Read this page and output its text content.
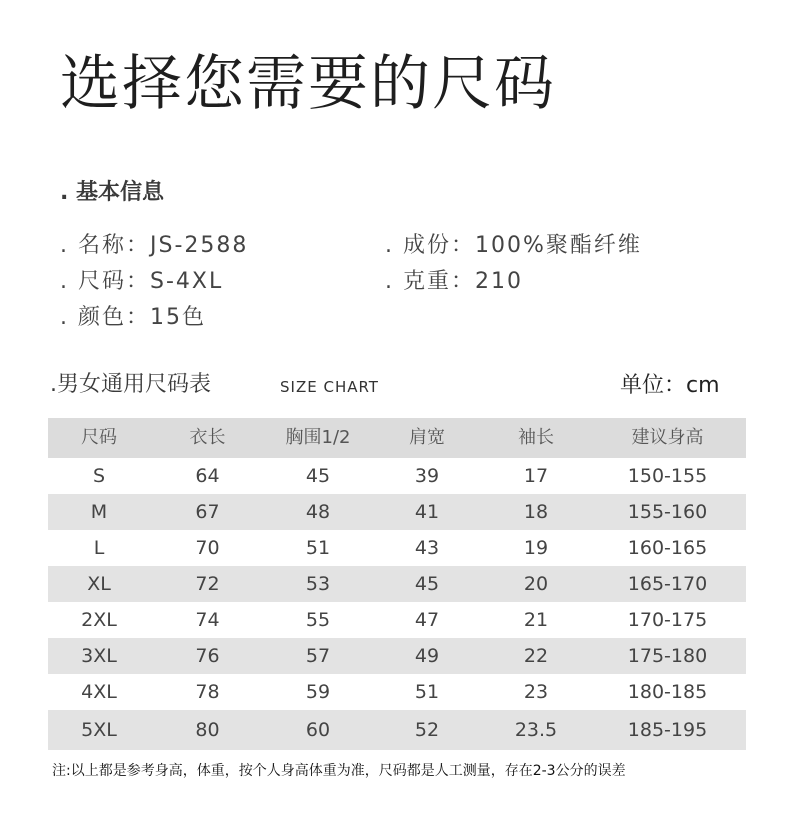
选择您需要的尺码
. 基本信息
. 名称：JS-2588	. 成份：100%聚酯纤维
. 尺码：S-4XL	. 克重：210
. 颜色：15色
.男女通用尺码表	SIZE CHART	单位：cm
尺码	衣长	胸围1/2	肩宽	袖长	建议身高
S	64	45	39	17	150-155
M	67	48	41	18	155-160
L	70	51	43	19	160-165
XL	72	53	45	20	165-170
2XL	74	55	47	21	170-175
3XL	76	57	49	22	175-180
4XL	78	59	51	23	180-185
5XL	80	60	52	23.5	185-195
注:以上都是参考身高，体重，按个人身高体重为准，尺码都是人工测量，存在2-3公分的误差
